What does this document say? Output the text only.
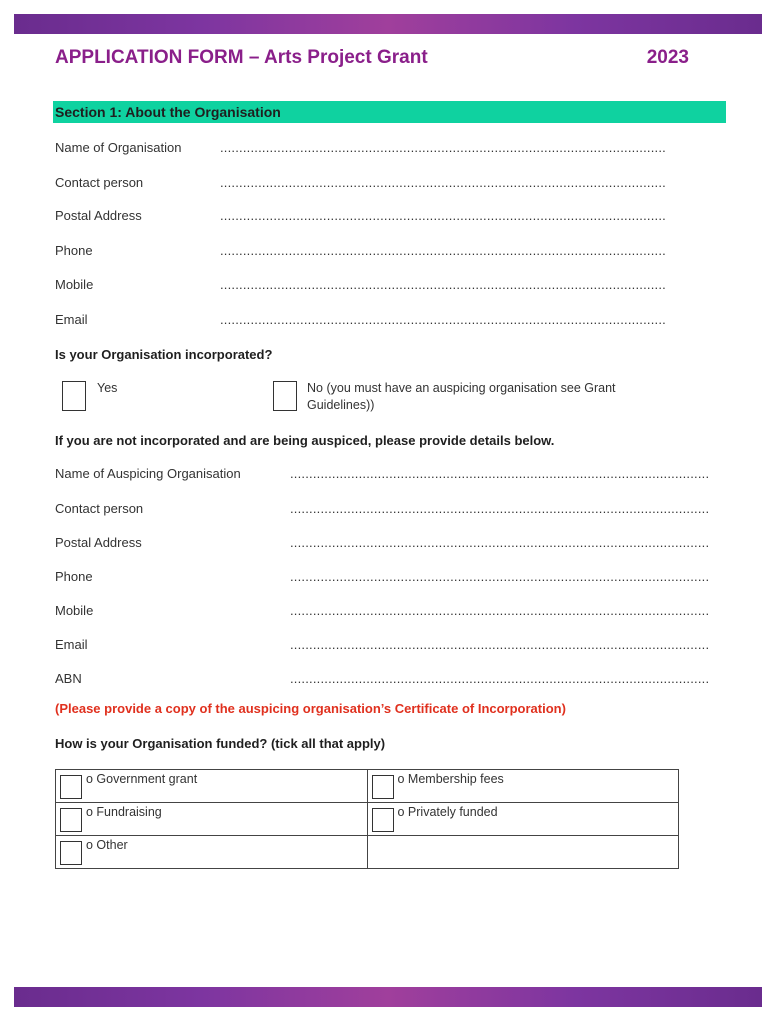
APPLICATION FORM – Arts Project Grant	2023
Section 1: About the Organisation
Name of Organisation	.....................................................................................................................
Contact person	.....................................................................................................................
Postal Address	.....................................................................................................................
Phone	.....................................................................................................................
Mobile	.....................................................................................................................
Email	.....................................................................................................................
Is your Organisation incorporated?
Yes	No (you must have an auspicing organisation see Grant
Guidelines))
If you are not incorporated and are being auspiced, please provide details below.
Name of Auspicing Organisation	..............................................................................................................
Contact person	..............................................................................................................
Postal Address	..............................................................................................................
Phone	..............................................................................................................
Mobile	..............................................................................................................
Email	..............................................................................................................
ABN	..............................................................................................................
(Please provide a copy of the auspicing organisation’s Certificate of Incorporation)
How is your Organisation funded? (tick all that apply)
o Government grant	o Membership fees

o Fundraising	o Privately funded

o Other	
